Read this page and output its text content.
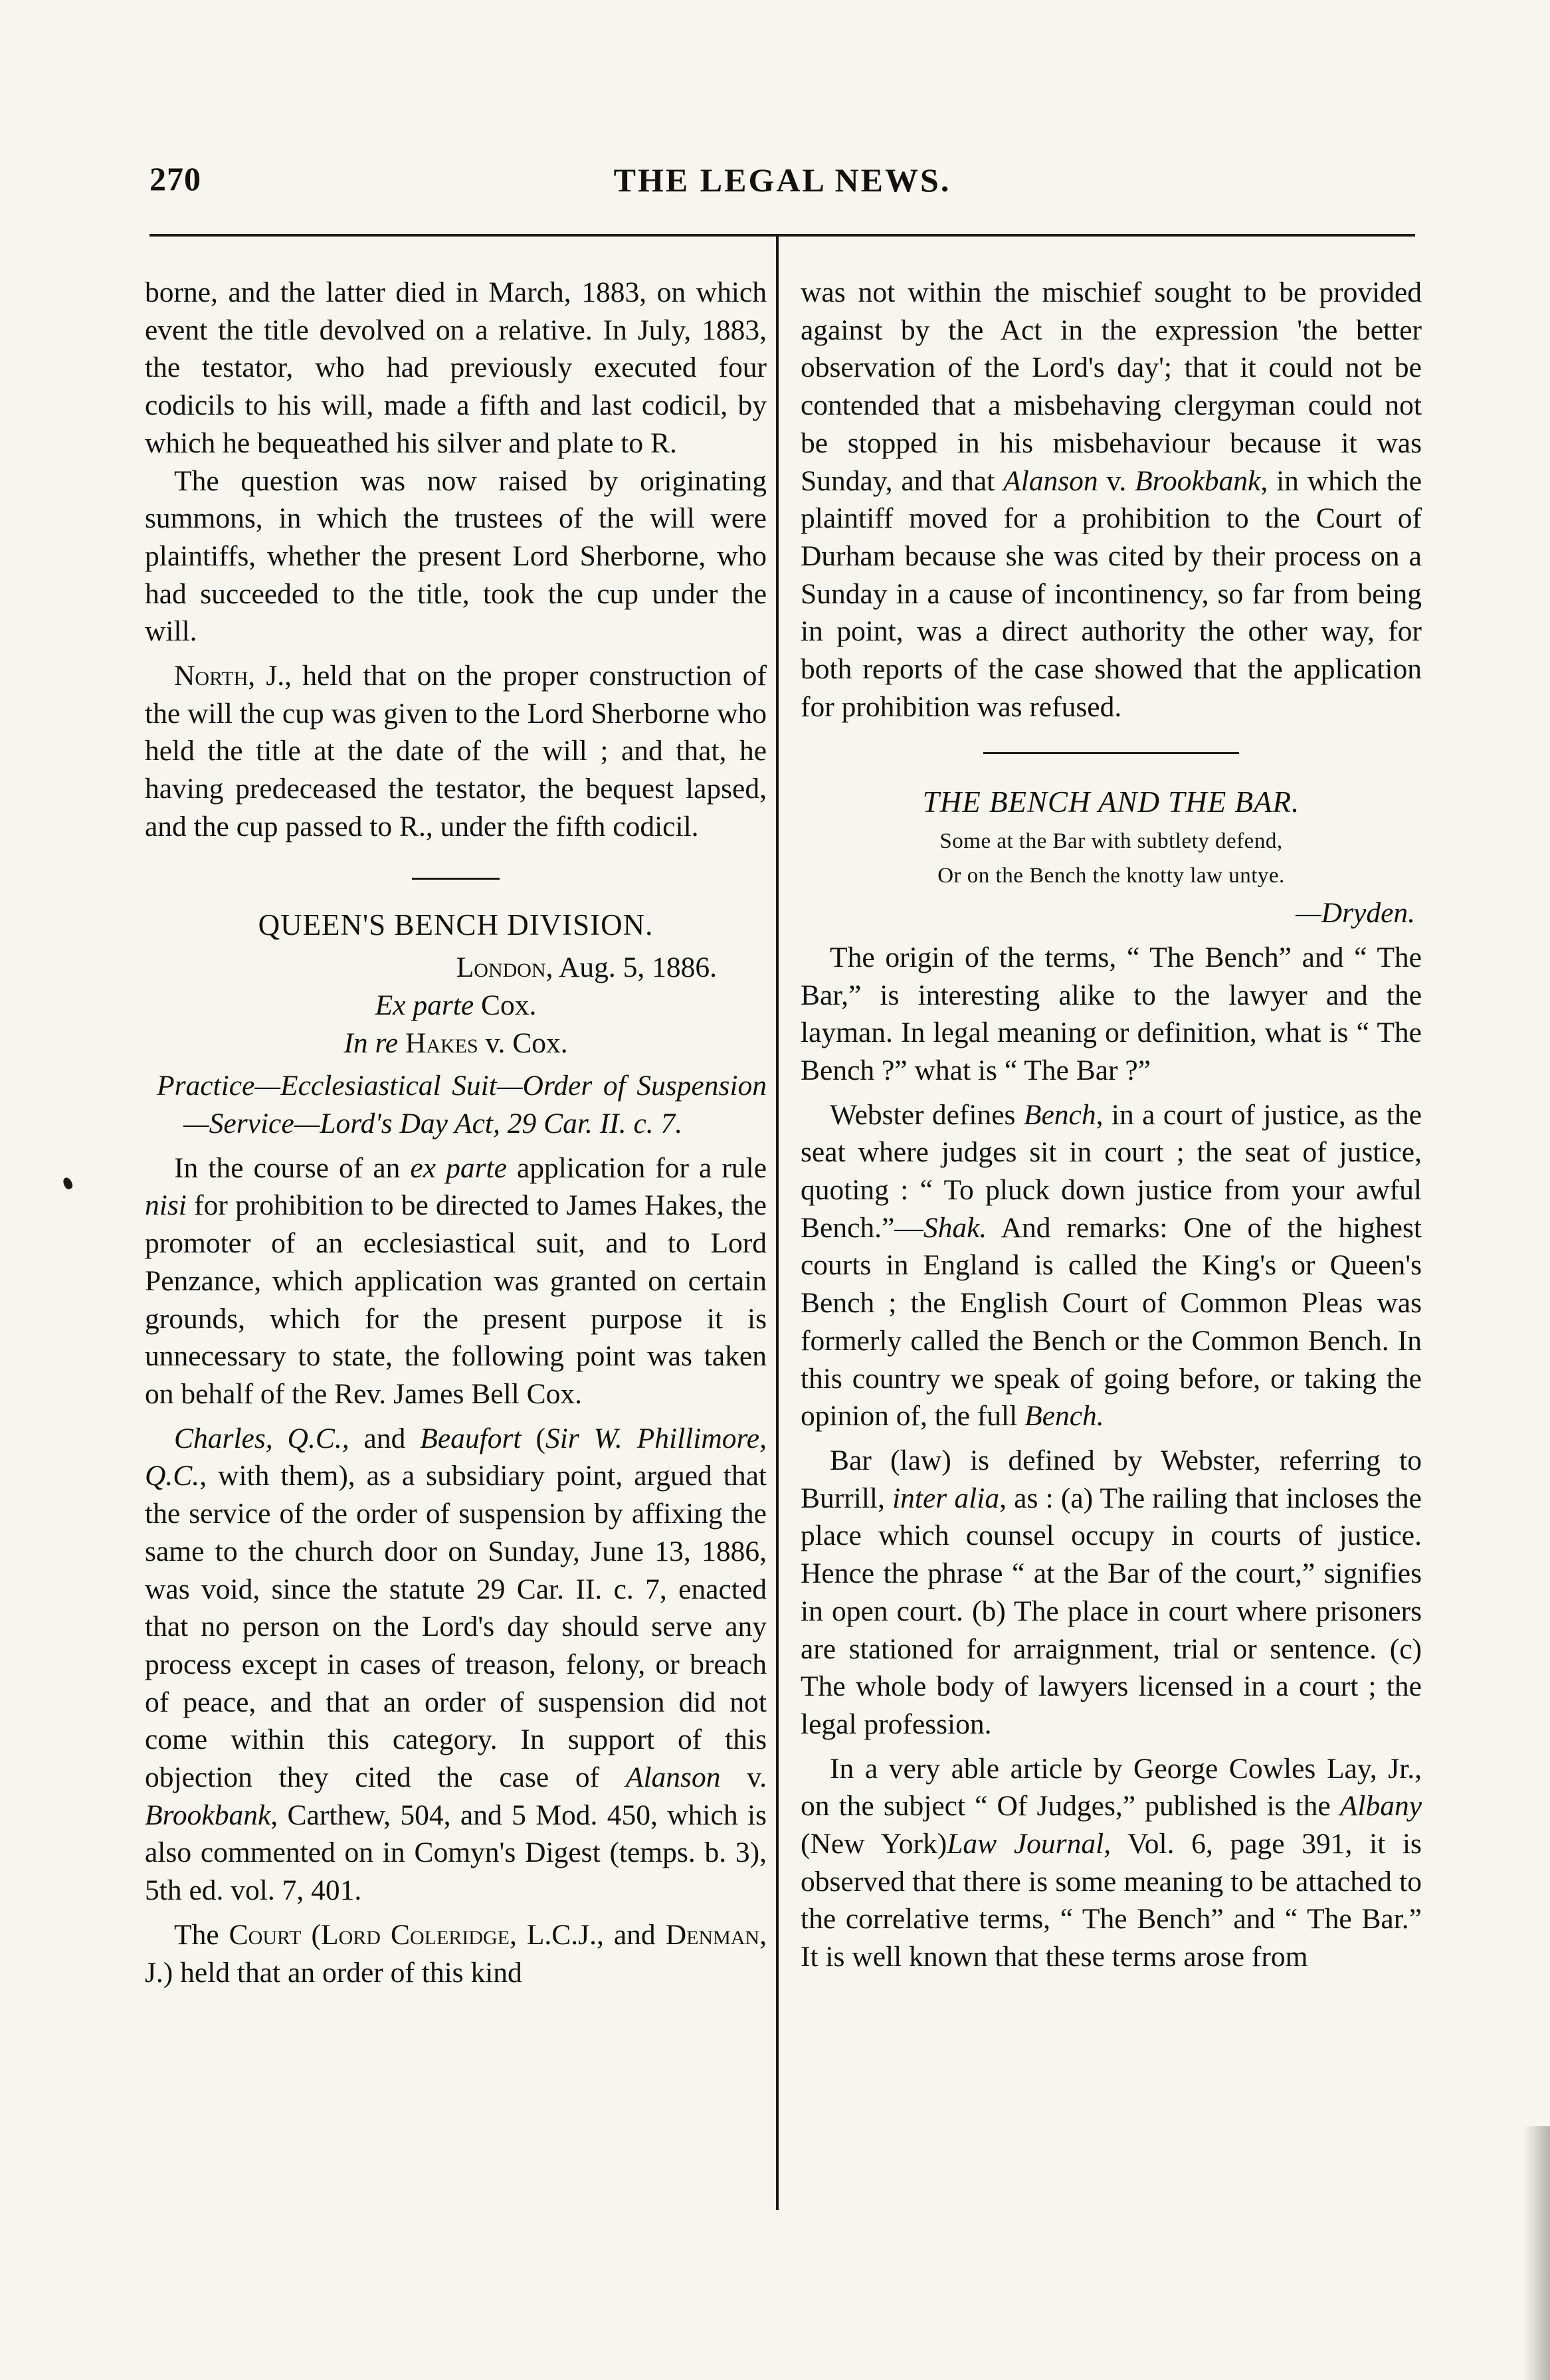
270	THE LEGAL NEWS.

borne, and the latter died in March, 1883, on which event the title devolved on a relative. In July, 1883, the testator, who had previously executed four codicils to his will, made a fifth and last codicil, by which he bequeathed his silver and plate to R.

The question was now raised by originating summons, in which the trustees of the will were plaintiffs, whether the present Lord Sherborne, who had succeeded to the title, took the cup under the will.

North, J., held that on the proper construction of the will the cup was given to the Lord Sherborne who held the title at the date of the will ; and that, he having predeceased the testator, the bequest lapsed, and the cup passed to R., under the fifth codicil.

QUEEN'S BENCH DIVISION.

London, Aug. 5, 1886.

Ex parte Cox.

In re Hakes v. Cox.

Practice—Ecclesiastical Suit—Order of Suspension—Service—Lord's Day Act, 29 Car. II. c. 7.

In the course of an ex parte application for a rule nisi for prohibition to be directed to James Hakes, the promoter of an ecclesiastical suit, and to Lord Penzance, which application was granted on certain grounds, which for the present purpose it is unnecessary to state, the following point was taken on behalf of the Rev. James Bell Cox.

Charles, Q.C., and Beaufort (Sir W. Phillimore, Q.C., with them), as a subsidiary point, argued that the service of the order of suspension by affixing the same to the church door on Sunday, June 13, 1886, was void, since the statute 29 Car. II. c. 7, enacted that no person on the Lord's day should serve any process except in cases of treason, felony, or breach of peace, and that an order of suspension did not come within this category. In support of this objection they cited the case of Alanson v. Brookbank, Carthew, 504, and 5 Mod. 450, which is also commented on in Comyn's Digest (temps. b. 3), 5th ed. vol. 7, 401.

The Court (Lord Coleridge, L.C.J., and Denman, J.) held that an order of this kind

was not within the mischief sought to be provided against by the Act in the expression 'the better observation of the Lord's day'; that it could not be contended that a misbehaving clergyman could not be stopped in his misbehaviour because it was Sunday, and that Alanson v. Brookbank, in which the plaintiff moved for a prohibition to the Court of Durham because she was cited by their process on a Sunday in a cause of incontinency, so far from being in point, was a direct authority the other way, for both reports of the case showed that the application for prohibition was refused.

THE BENCH AND THE BAR.

Some at the Bar with subtlety defend,

Or on the Bench the knotty law untye.

—Dryden.

The origin of the terms, “ The Bench” and “ The Bar,” is interesting alike to the lawyer and the layman. In legal meaning or definition, what is “ The Bench ?” what is “ The Bar ?”

Webster defines Bench, in a court of justice, as the seat where judges sit in court ; the seat of justice, quoting : “ To pluck down justice from your awful Bench.”—Shak. And remarks: One of the highest courts in England is called the King's or Queen's Bench ; the English Court of Common Pleas was formerly called the Bench or the Common Bench. In this country we speak of going before, or taking the opinion of, the full Bench.

Bar (law) is defined by Webster, referring to Burrill, inter alia, as : (a) The railing that incloses the place which counsel occupy in courts of justice. Hence the phrase “ at the Bar of the court,” signifies in open court. (b) The place in court where prisoners are stationed for arraignment, trial or sentence. (c) The whole body of lawyers licensed in a court ; the legal profession.

In a very able article by George Cowles Lay, Jr., on the subject “ Of Judges,” published is the Albany (New York)Law Journal, Vol. 6, page 391, it is observed that there is some meaning to be attached to the correlative terms, “ The Bench” and “ The Bar.” It is well known that these terms arose from
